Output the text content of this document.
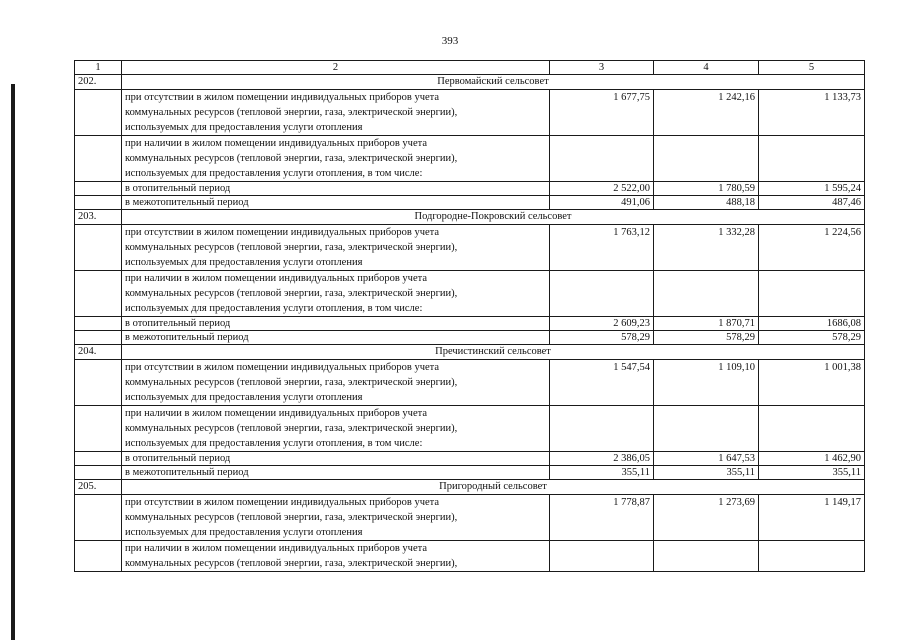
393
1	2	3	4	5
202.	Первомайский сельсовет			
	при отсутствии в жилом помещении индивидуальных приборов учета
коммунальных ресурсов (тепловой энергии, газа, электрической энергии),
используемых для предоставления услуги отопления	1 677,75	1 242,16	1 133,73
	при наличии в жилом помещении индивидуальных приборов учета
коммунальных ресурсов (тепловой энергии, газа, электрической энергии),
используемых для предоставления услуги отопления, в том числе:			
	в отопительный период	2 522,00	1 780,59	1 595,24
	в межотопительный период	491,06	488,18	487,46
203.	Подгородне-Покровский сельсовет			
	при отсутствии в жилом помещении индивидуальных приборов учета
коммунальных ресурсов (тепловой энергии, газа, электрической энергии),
используемых для предоставления услуги отопления	1 763,12	1 332,28	1 224,56
	при наличии в жилом помещении индивидуальных приборов учета
коммунальных ресурсов (тепловой энергии, газа, электрической энергии),
используемых для предоставления услуги отопления, в том числе:			
	в отопительный период	2 609,23	1 870,71	1686,08
	в межотопительный период	578,29	578,29	578,29
204.	Пречистинский сельсовет			
	при отсутствии в жилом помещении индивидуальных приборов учета
коммунальных ресурсов (тепловой энергии, газа, электрической энергии),
используемых для предоставления услуги отопления	1 547,54	1 109,10	1 001,38
	при наличии в жилом помещении индивидуальных приборов учета
коммунальных ресурсов (тепловой энергии, газа, электрической энергии),
используемых для предоставления услуги отопления, в том числе:			
	в отопительный период	2 386,05	1 647,53	1 462,90
	в межотопительный период	355,11	355,11	355,11
205.	Пригородный сельсовет			
	при отсутствии в жилом помещении индивидуальных приборов учета
коммунальных ресурсов (тепловой энергии, газа, электрической энергии),
используемых для предоставления услуги отопления	1 778,87	1 273,69	1 149,17
	при наличии в жилом помещении индивидуальных приборов учета
коммунальных ресурсов (тепловой энергии, газа, электрической энергии),			
